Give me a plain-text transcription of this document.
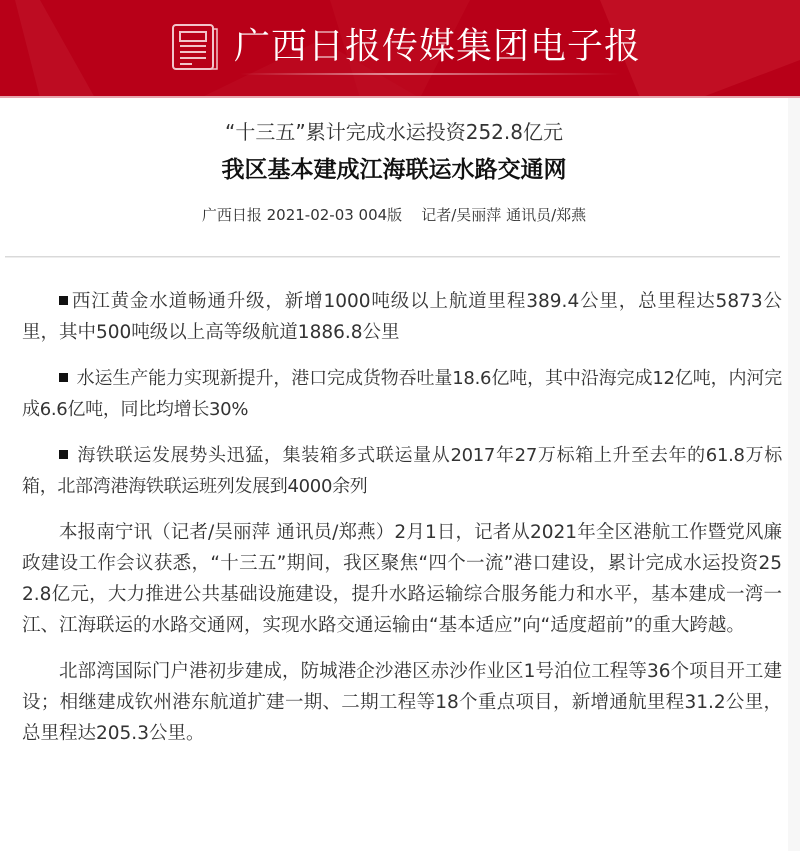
广西日报传媒集团电子报
“十三五”累计完成水运投资252.8亿元
我区基本建成江海联运水路交通网
广西日报 2021-02-03 004版    记者/吴丽萍 通讯员/郑燕

西江黄金水道畅通升级，新增1000吨级以上航道里程389.4公里，总里程达5873公里，其中500吨级以上高等级航道1886.8公里

水运生产能力实现新提升，港口完成货物吞吐量18.6亿吨，其中沿海完成12亿吨，内河完成6.6亿吨，同比均增长30%

海铁联运发展势头迅猛，集装箱多式联运量从2017年27万标箱上升至去年的61.8万标箱，北部湾港海铁联运班列发展到4000余列

本报南宁讯（记者/吴丽萍 通讯员/郑燕）2月1日，记者从2021年全区港航工作暨党风廉政建设工作会议获悉，“十三五”期间，我区聚焦“四个一流”港口建设，累计完成水运投资252.8亿元，大力推进公共基础设施建设，提升水路运输综合服务能力和水平，基本建成一湾一江、江海联运的水路交通网，实现水路交通运输由“基本适应”向“适度超前”的重大跨越。

北部湾国际门户港初步建成，防城港企沙港区赤沙作业区1号泊位工程等36个项目开工建设；相继建成钦州港东航道扩建一期、二期工程等18个重点项目，新增通航里程31.2公里，总里程达205.3公里。
